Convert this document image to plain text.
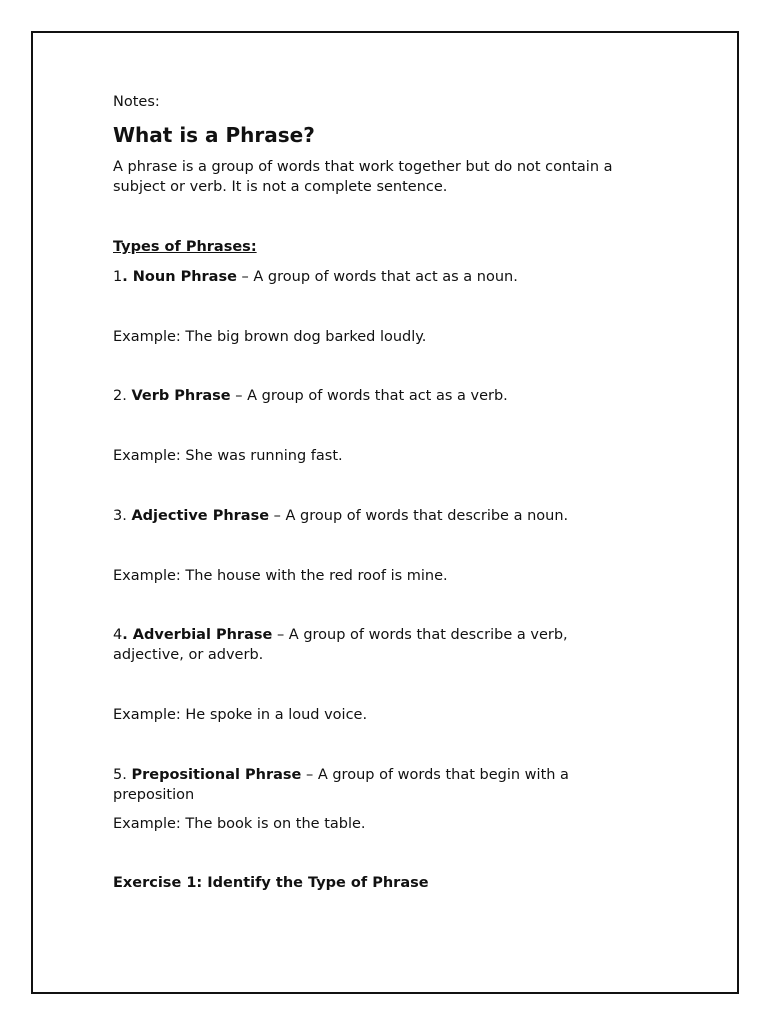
Notes:
What is a Phrase?
A phrase is a group of words that work together but do not contain a subject or verb. It is not a complete sentence.
Types of Phrases:
1. Noun Phrase – A group of words that act as a noun.
Example: The big brown dog barked loudly.
2. Verb Phrase – A group of words that act as a verb.
Example: She was running fast.
3. Adjective Phrase – A group of words that describe a noun.
Example: The house with the red roof is mine.
4. Adverbial Phrase – A group of words that describe a verb, adjective, or adverb.
Example: He spoke in a loud voice.
5. Prepositional Phrase – A group of words that begin with a preposition
Example: The book is on the table.
Exercise 1: Identify the Type of Phrase
